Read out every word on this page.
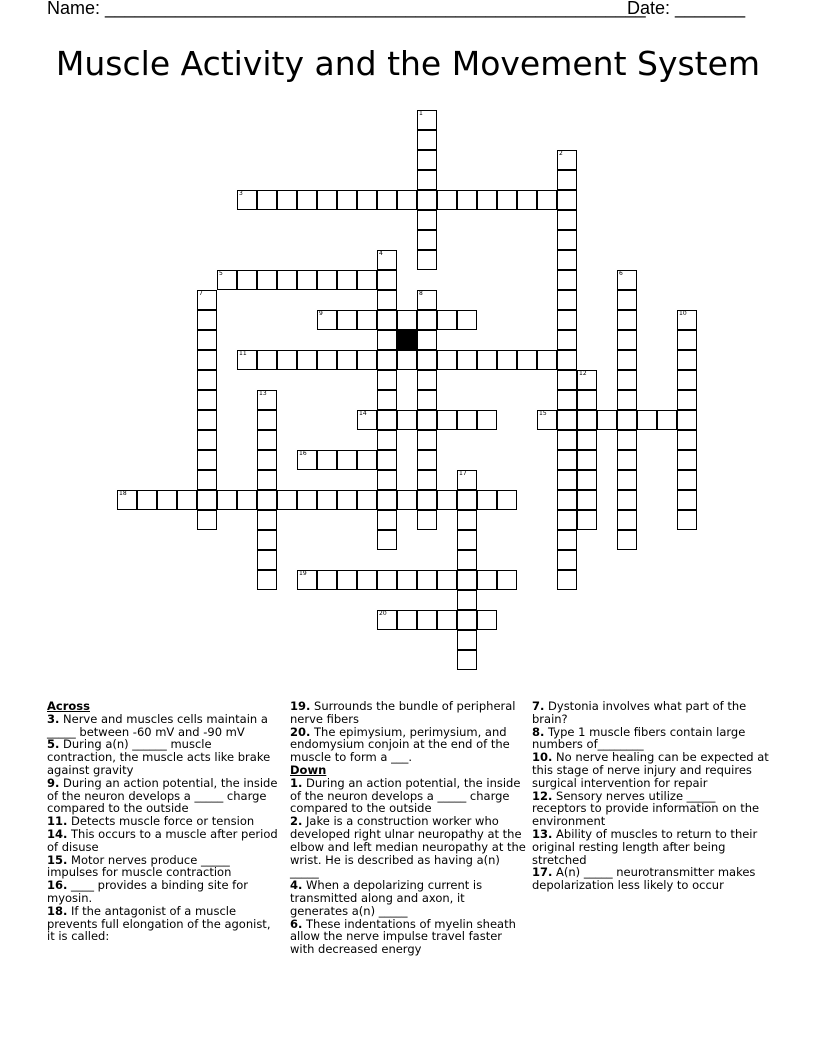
Name: ______________________________________________________
Date: _______
Muscle Activity and the Movement System
1
2
3
4
5	6
7	8
9	10
11
12
13
14	15
16
17
18
19
20
Across
3. Nerve and muscles cells maintain a _____ between -60 mV and -90 mV
5. During a(n) ______ muscle contraction, the muscle acts like brake against gravity
9. During an action potential, the inside of the neuron develops a _____ charge compared to the outside
11. Detects muscle force or tension
14. This occurs to a muscle after period of disuse
15. Motor nerves produce _____ impulses for muscle contraction
16. ____ provides a binding site for myosin.
18. If the antagonist of a muscle prevents full elongation of the agonist, it is called:
19. Surrounds the bundle of peripheral nerve fibers
20. The epimysium, perimysium, and endomysium conjoin at the end of the muscle to form a ___.
Down
1. During an action potential, the inside of the neuron develops a _____ charge compared to the outside
2. Jake is a construction worker who developed right ulnar neuropathy at the elbow and left median neuropathy at the wrist. He is described as having a(n) _____
4. When a depolarizing current is transmitted along and axon, it generates a(n) _____
6. These indentations of myelin sheath allow the nerve impulse travel faster with decreased energy
7. Dystonia involves what part of the brain?
8. Type 1 muscle fibers contain large numbers of________
10. No nerve healing can be expected at this stage of nerve injury and requires surgical intervention for repair
12. Sensory nerves utilize _____ receptors to provide information on the environment
13. Ability of muscles to return to their original resting length after being stretched
17. A(n) _____ neurotransmitter makes depolarization less likely to occur
